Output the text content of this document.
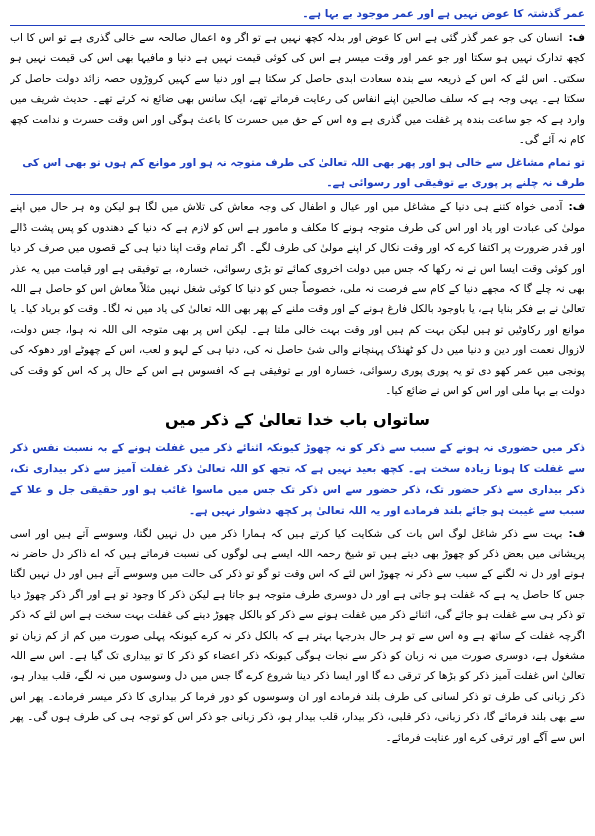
عمر گذشتہ کا عوض نہیں ہے اور عمر موجود بے بہا ہے۔

ف:انسان کی جو عمر گذر گئی ہے اس کا عوض اور بدلہ کچھ نہیں ہے تو اگر وہ اعمال صالحہ سے خالی گذری ہے تو اس کا اب کچھ تدارک نہیں ہو سکتا اور جو عمر اور وقت میسر ہے اس کی کوئی قیمت نہیں ہے دنیا و مافیہا بھی اس کی قیمت نہیں ہو سکتی۔ اس لئے کہ اس کے ذریعہ سے بندہ سعادت ابدی حاصل کر سکتا ہے اور دنیا سے کہیں کروڑوں حصہ زائد دولت حاصل کر سکتا ہے۔ یہی وجہ ہے کہ سلف صالحین اپنے انفاس کی رعایت فرماتے تھے، ایک سانس بھی ضائع نہ کرتے تھے۔ حدیث شریف میں وارد ہے کہ جو ساعت بندہ پر غفلت میں گذری ہے وہ اس کے حق میں حسرت کا باعث ہوگی اور اس وقت حسرت و ندامت کچھ کام نہ آئے گی۔

تو تمام مشاغل سے خالی ہو اور پھر بھی اللہ تعالیٰ کی طرف متوجہ نہ ہو اور موانع کم ہوں تو بھی اس کی طرف نہ چلنے پر پوری بے توفیقی اور رسوائی ہے۔

ف:آدمی خواہ کتنے ہی دنیا کے مشاغل میں اور عیال و اطفال کی وجہ معاش کی تلاش میں لگا ہو لیکن وہ ہر حال میں اپنے مولیٰ کی عبادت اور یاد اور اس کی طرف متوجہ ہونے کا مکلف و مامور ہے اس کو لازم ہے کہ دنیا کے دھندوں کو پس پشت ڈالے اور قدر ضرورت پر اکتفا کرے کہ اور وقت نکال کر اپنے مولیٰ کی طرف لگے۔ اگر تمام وقت اپنا دنیا ہی کے قصوں میں صرف کر دیا اور کوئی وقت ایسا اس نے نہ رکھا کہ جس میں دولت اخروی کمائے تو بڑی رسوائی، خسارہ، بے توفیقی ہے اور قیامت میں یہ عذر بھی نہ چلے گا کہ مجھے دنیا کے کام سے فرصت نہ ملی، خصوصاً جس کو دنیا کا کوئی شغل نہیں مثلاً معاش اس کو حاصل ہے اللہ تعالیٰ نے بے فکر بنایا ہے، یا باوجود بالکل فارغ ہونے کے اور وقت ملنے کے پھر بھی اللہ تعالیٰ کی یاد میں نہ لگا۔ وقت کو برباد کیا۔ یا موانع اور رکاوٹیں تو ہیں لیکن بہت کم ہیں اور وقت بہت خالی ملتا ہے۔ لیکن اس پر بھی متوجہ الی اللہ نہ ہوا، جس دولت، لازوال نعمت اور دین و دنیا میں دل کو ٹھنڈک پہنچانے والی شیٔ حاصل نہ کی، دنیا ہی کے لہو و لعب، اس کے چھوٹے اور دھوکہ کی پونجی میں عمر کھو دی تو یہ پوری پوری رسوائی، خسارہ اور بے توفیقی ہے کہ افسوس ہے اس کے حال پر کہ اس کو وقت کی دولت بے بہا ملی اور اس کو اس نے ضائع کیا۔

ساتواں باب خدا تعالیٰ کے ذکر میں
ذکر میں حضوری نہ ہونے کے سبب سے ذکر کو نہ چھوڑ کیونکہ اثنائے ذکر میں غفلت ہونے کے بہ نسبت نفس ذکر سے غفلت کا ہونا زیادہ سخت ہے۔ کچھ بعید نہیں ہے کہ تجھ کو اللہ تعالیٰ ذکر غفلت آمیز سے ذکر بیداری تک، ذکر بیداری سے ذکر حضور تک، ذکر حضور سے اس ذکر تک جس میں ماسوا غائب ہو اور حقیقی جل و علا کے سبب سے غیبت ہو جائے بلند فرمادے اور یہ اللہ تعالیٰ پر کچھ دشوار نہیں ہے۔

ف:بہت سے ذکر شاغل لوگ اس بات کی شکایت کیا کرتے ہیں کہ ہمارا ذکر میں دل نہیں لگتا، وسوسے آتے ہیں اور اسی پریشانی میں بعض ذکر کو چھوڑ بھی دیتے ہیں تو شیخ رحمہ اللہ ایسے ہی لوگوں کی نسبت فرماتے ہیں کہ اے ذاکر دل حاضر نہ ہونے اور دل نہ لگنے کے سبب سے ذکر نہ چھوڑ اس لئے کہ اس وقت تو گو تو ذکر کی حالت میں وسوسے آتے ہیں اور دل نہیں لگتا جس کا حاصل یہ ہے کہ غفلت ہو جاتی ہے اور دل دوسری طرف متوجہ ہو جاتا ہے لیکن ذکر کا وجود تو ہے اور اگر ذکر چھوڑ دیا تو ذکر ہی سے غفلت ہو جائے گی، اثنائے ذکر میں غفلت ہونے سے ذکر کو بالکل چھوڑ دینے کی غفلت بہت سخت ہے اس لئے کہ ذکر اگرچہ غفلت کے ساتھ ہے وہ اس سے تو ہر حال بدرجہا بہتر ہے کہ بالکل ذکر نہ کرے کیونکہ پہلی صورت میں کم از کم زبان تو مشغول ہے، دوسری صورت میں نہ زبان کو ذکر سے نجات ہوگی کیونکہ ذکر اعضاء کو ذکر کا تو بیداری تک گیا ہے۔ اس سے اللہ تعالیٰ اس غفلت آمیز ذکر کو بڑھا کر ترقی دے گا اور ایسا ذکر دینا شروع کرے گا جس میں دل وسوسوں میں نہ لگے، قلب بیدار ہو، ذکر زبانی کی طرف تو ذکر لسانی کی طرف بلند فرمادے اور ان وسوسوں کو دور فرما کر بیداری کا ذکر میسر فرمادے۔ پھر اس سے بھی بلند فرمائے گا، ذکر زبانی، ذکر قلبی، ذکر بیدار، قلب بیدار ہو، ذکر زبانی جو ذکر اس کو توجہ ہی کی طرف ہوں گی۔ پھر اس سے آگے اور ترقی کرے اور عنایت فرمائے۔
